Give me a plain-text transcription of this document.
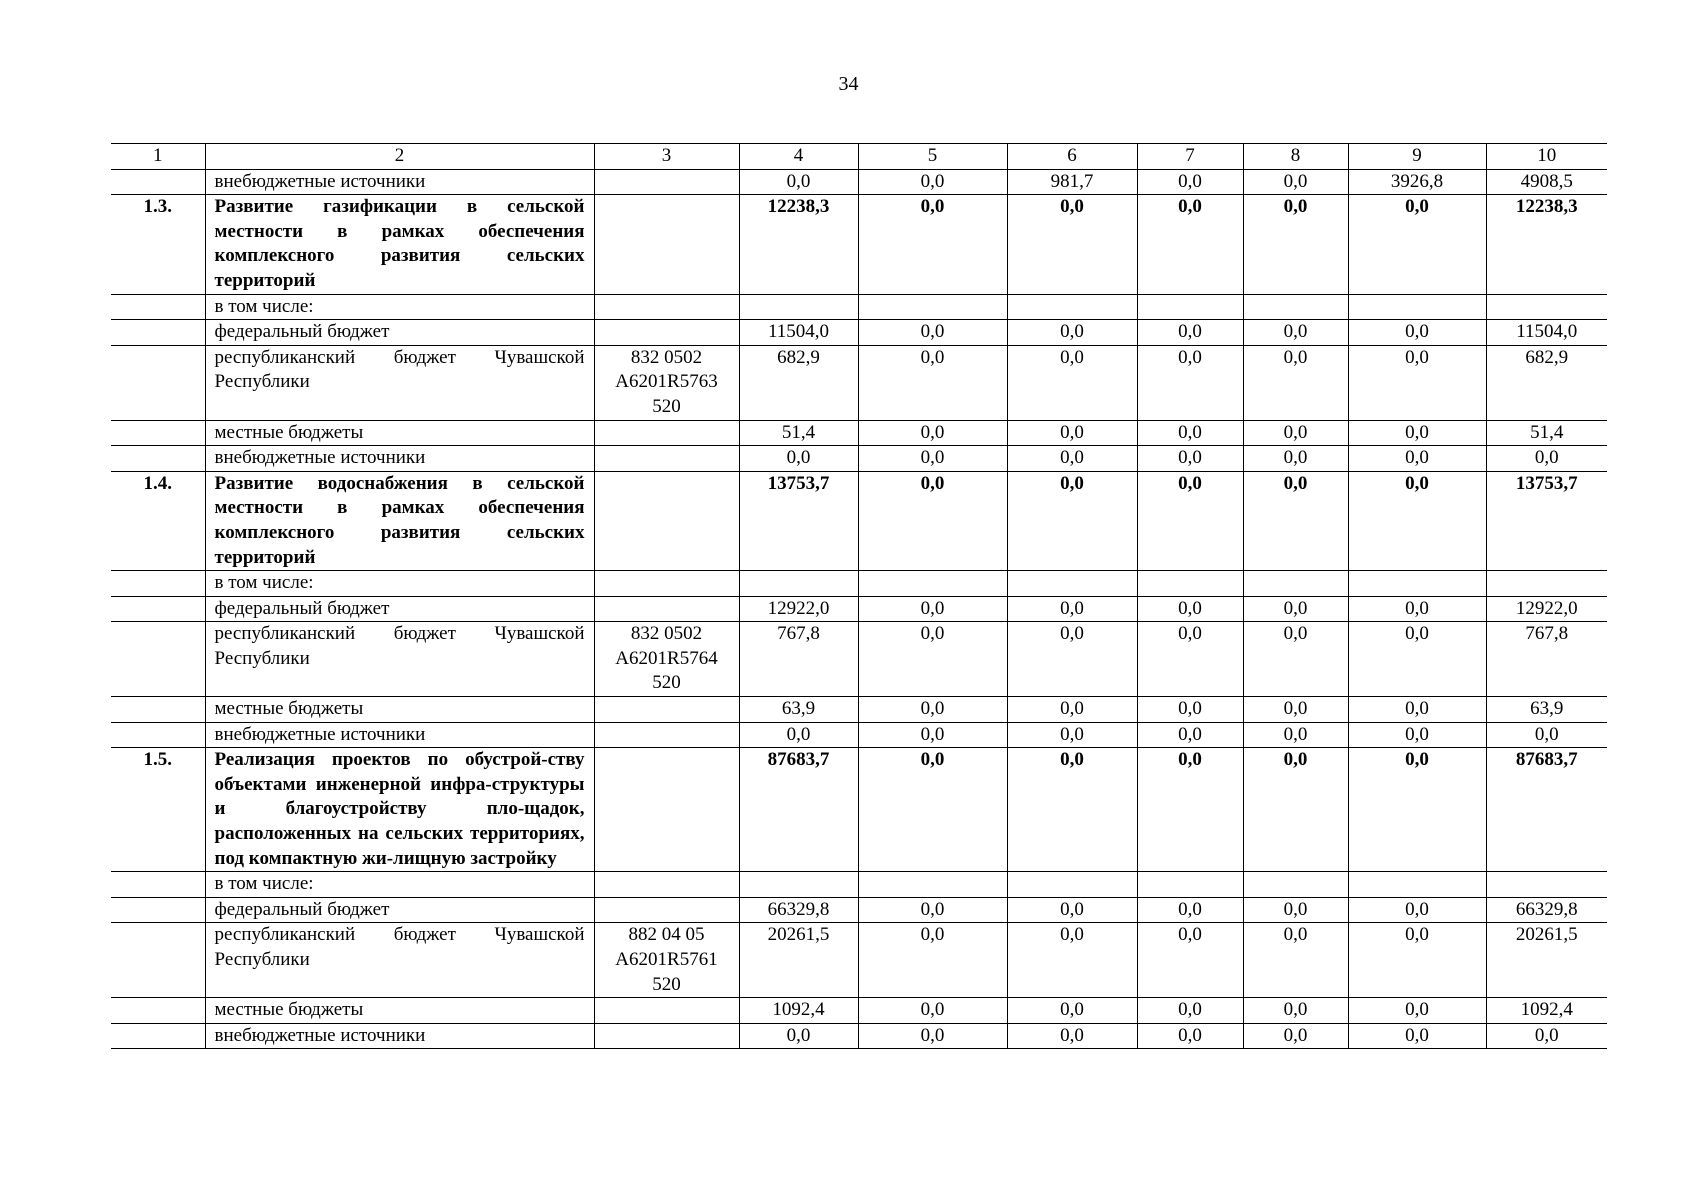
34
1	2	3	4	5	6	7	8	9	10
	внебюджетные источники		0,0	0,0	981,7	0,0	0,0	3926,8	4908,5
1.3.	Развитие газификации в сельской местности в рамках обеспечения комплексного развития сельских территорий		12238,3	0,0	0,0	0,0	0,0	0,0	12238,3
	в том числе:								
	федеральный бюджет		11504,0	0,0	0,0	0,0	0,0	0,0	11504,0
	республиканский бюджет Чувашской Республики	832 0502 A6201R5763 520	682,9	0,0	0,0	0,0	0,0	0,0	682,9
	местные бюджеты		51,4	0,0	0,0	0,0	0,0	0,0	51,4
	внебюджетные источники		0,0	0,0	0,0	0,0	0,0	0,0	0,0
1.4.	Развитие водоснабжения в сельской местности в рамках обеспечения комплексного развития сельских территорий		13753,7	0,0	0,0	0,0	0,0	0,0	13753,7
	в том числе:								
	федеральный бюджет		12922,0	0,0	0,0	0,0	0,0	0,0	12922,0
	республиканский бюджет Чувашской Республики	832 0502 A6201R5764 520	767,8	0,0	0,0	0,0	0,0	0,0	767,8
	местные бюджеты		63,9	0,0	0,0	0,0	0,0	0,0	63,9
	внебюджетные источники		0,0	0,0	0,0	0,0	0,0	0,0	0,0
1.5.	Реализация проектов по обустрой-ству объектами инженерной инфра-структуры и благоустройству пло-щадок, расположенных на сельских территориях, под компактную жи-лищную застройку		87683,7	0,0	0,0	0,0	0,0	0,0	87683,7
	в том числе:								
	федеральный бюджет		66329,8	0,0	0,0	0,0	0,0	0,0	66329,8
	республиканский бюджет Чувашской Республики	882 04 05 A6201R5761 520	20261,5	0,0	0,0	0,0	0,0	0,0	20261,5
	местные бюджеты		1092,4	0,0	0,0	0,0	0,0	0,0	1092,4
	внебюджетные источники		0,0	0,0	0,0	0,0	0,0	0,0	0,0
